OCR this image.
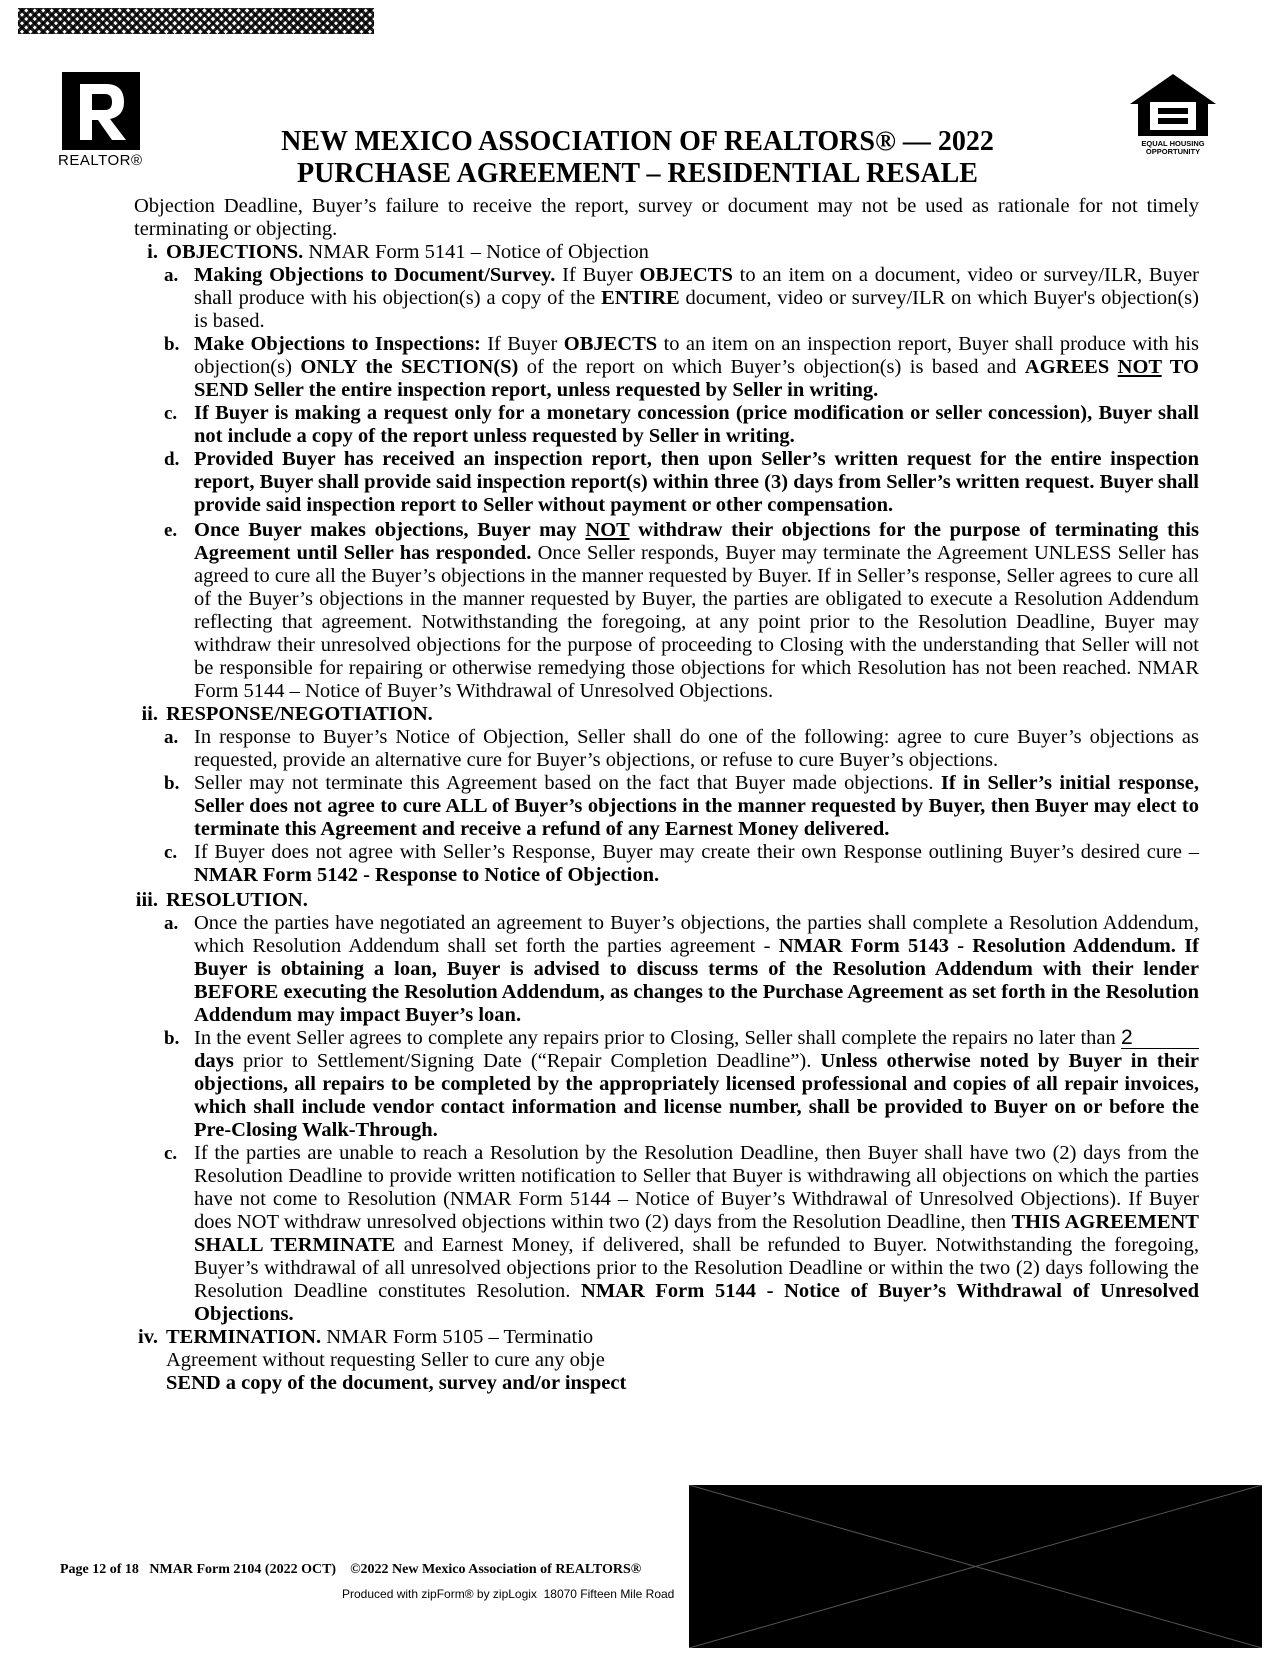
REALTOR®
EQUAL HOUSING OPPORTUNITY
NEW MEXICO ASSOCIATION OF REALTORS® — 2022
PURCHASE AGREEMENT – RESIDENTIAL RESALE

Objection Deadline, Buyer’s failure to receive the report, survey or document may not be used as rationale for not timely terminating or objecting.

i. OBJECTIONS. NMAR Form 5141 – Notice of Objection

a. Making Objections to Document/Survey. If Buyer OBJECTS to an item on a document, video or survey/ILR, Buyer shall produce with his objection(s) a copy of the ENTIRE document, video or survey/ILR on which Buyer's objection(s) is based.

b. Make Objections to Inspections: If Buyer OBJECTS to an item on an inspection report, Buyer shall produce with his objection(s) ONLY the SECTION(S) of the report on which Buyer’s objection(s) is based and AGREES NOT TO SEND Seller the entire inspection report, unless requested by Seller in writing.

c. If Buyer is making a request only for a monetary concession (price modification or seller concession), Buyer shall not include a copy of the report unless requested by Seller in writing.

d. Provided Buyer has received an inspection report, then upon Seller’s written request for the entire inspection report, Buyer shall provide said inspection report(s) within three (3) days from Seller’s written request. Buyer shall provide said inspection report to Seller without payment or other compensation.

e. Once Buyer makes objections, Buyer may NOT withdraw their objections for the purpose of terminating this Agreement until Seller has responded. Once Seller responds, Buyer may terminate the Agreement UNLESS Seller has agreed to cure all the Buyer’s objections in the manner requested by Buyer. If in Seller’s response, Seller agrees to cure all of the Buyer’s objections in the manner requested by Buyer, the parties are obligated to execute a Resolution Addendum reflecting that agreement. Notwithstanding the foregoing, at any point prior to the Resolution Deadline, Buyer may withdraw their unresolved objections for the purpose of proceeding to Closing with the understanding that Seller will not be responsible for repairing or otherwise remedying those objections for which Resolution has not been reached. NMAR Form 5144 – Notice of Buyer’s Withdrawal of Unresolved Objections.

ii. RESPONSE/NEGOTIATION.

a. In response to Buyer’s Notice of Objection, Seller shall do one of the following: agree to cure Buyer’s objections as requested, provide an alternative cure for Buyer’s objections, or refuse to cure Buyer’s objections.

b. Seller may not terminate this Agreement based on the fact that Buyer made objections. If in Seller’s initial response, Seller does not agree to cure ALL of Buyer’s objections in the manner requested by Buyer, then Buyer may elect to terminate this Agreement and receive a refund of any Earnest Money delivered.

c. If Buyer does not agree with Seller’s Response, Buyer may create their own Response outlining Buyer’s desired cure – NMAR Form 5142 - Response to Notice of Objection.

iii. RESOLUTION.

a. Once the parties have negotiated an agreement to Buyer’s objections, the parties shall complete a Resolution Addendum, which Resolution Addendum shall set forth the parties agreement - NMAR Form 5143 - Resolution Addendum. If Buyer is obtaining a loan, Buyer is advised to discuss terms of the Resolution Addendum with their lender BEFORE executing the Resolution Addendum, as changes to the Purchase Agreement as set forth in the Resolution Addendum may impact Buyer’s loan.

b. In the event Seller agrees to complete any repairs prior to Closing, Seller shall complete the repairs no later than 2 days prior to Settlement/Signing Date (“Repair Completion Deadline”). Unless otherwise noted by Buyer in their objections, all repairs to be completed by the appropriately licensed professional and copies of all repair invoices, which shall include vendor contact information and license number, shall be provided to Buyer on or before the Pre-Closing Walk-Through.

c. If the parties are unable to reach a Resolution by the Resolution Deadline, then Buyer shall have two (2) days from the Resolution Deadline to provide written notification to Seller that Buyer is withdrawing all objections on which the parties have not come to Resolution (NMAR Form 5144 – Notice of Buyer’s Withdrawal of Unresolved Objections). If Buyer does NOT withdraw unresolved objections within two (2) days from the Resolution Deadline, then THIS AGREEMENT SHALL TERMINATE and Earnest Money, if delivered, shall be refunded to Buyer. Notwithstanding the foregoing, Buyer’s withdrawal of all unresolved objections prior to the Resolution Deadline or within the two (2) days following the Resolution Deadline constitutes Resolution. NMAR Form 5144 - Notice of Buyer’s Withdrawal of Unresolved Objections.

iv. TERMINATION. NMAR Form 5105 – Terminatio
Agreement without requesting Seller to cure any obje
SEND a copy of the document, survey and/or inspect

Page 12 of 18   NMAR Form 2104 (2022 OCT)    ©2022 New Mexico Association of REALTORS®
Produced with zipForm® by zipLogix  18070 Fifteen Mile Road
